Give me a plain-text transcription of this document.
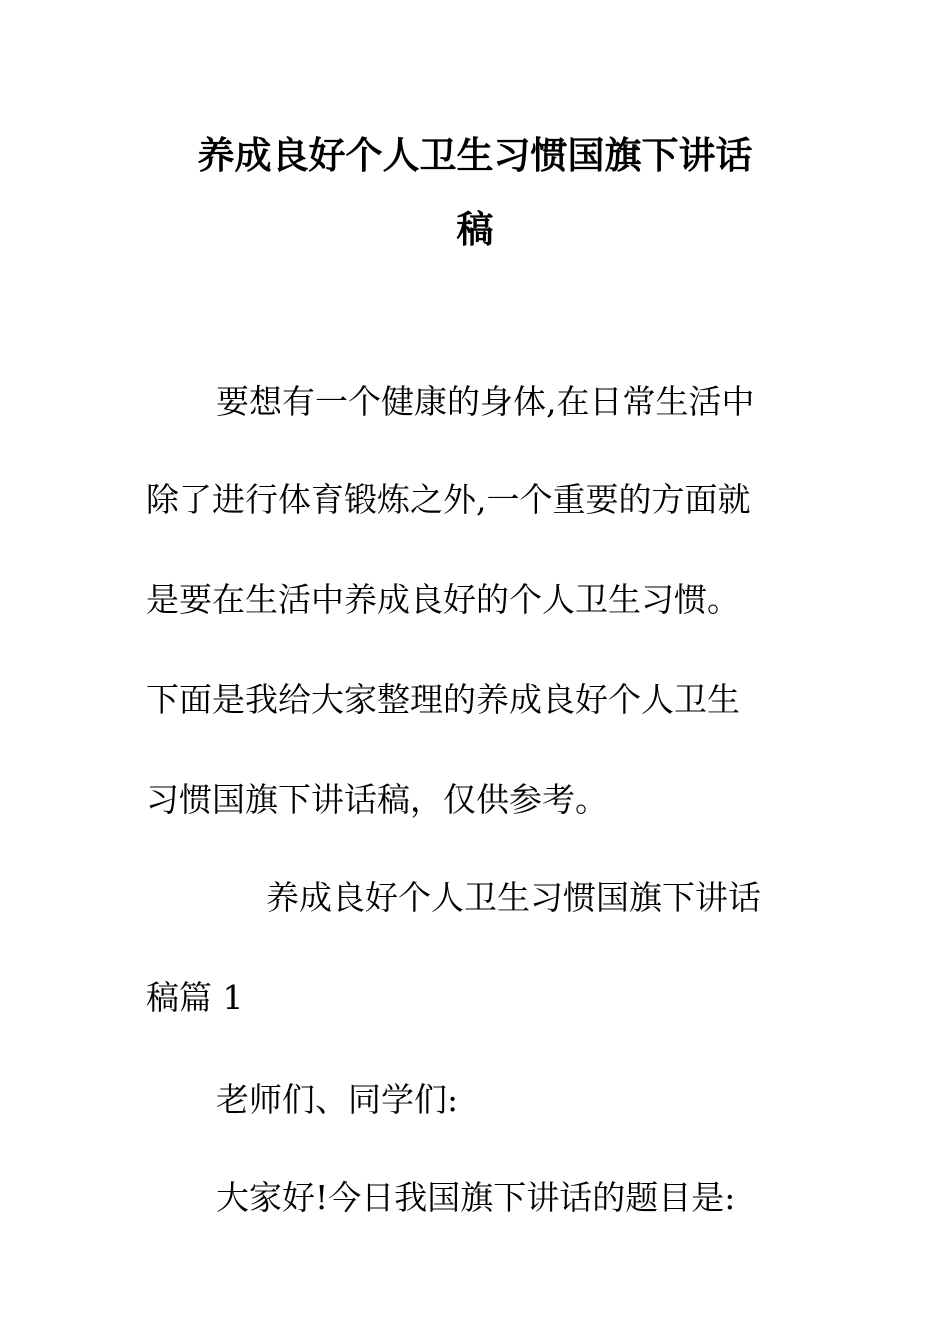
养成良好个人卫生习惯国旗下讲话
稿
要想有一个健康的身体,在日常生活中
除了进行体育锻炼之外,一个重要的方面就
是要在生活中养成良好的个人卫生习惯。
下面是我给大家整理的养成良好个人卫生
习惯国旗下讲话稿，仅供参考。
养成良好个人卫生习惯国旗下讲话
稿篇 1
老师们、同学们:
大家好!今日我国旗下讲话的题目是:
